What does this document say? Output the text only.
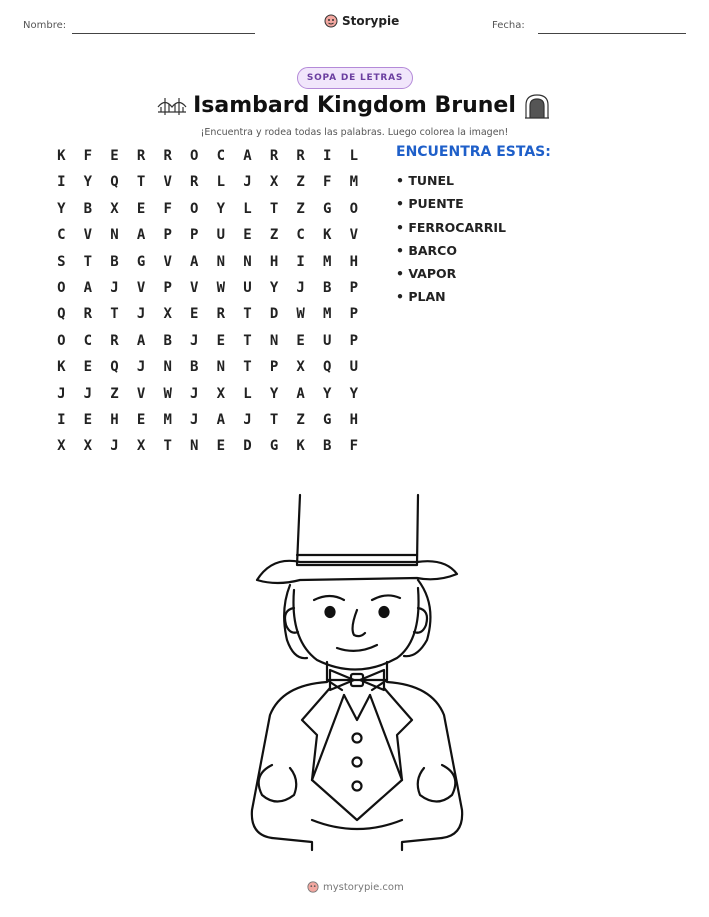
Nombre:	Storypie	Fecha:
SOPA DE LETRAS
Isambard Kingdom Brunel
¡Encuentra y rodea todas las palabras. Luego colorea la imagen!
K	F	E	R	R	O	C	A	R	R	I	L
I	Y	Q	T	V	R	L	J	X	Z	F	M
Y	B	X	E	F	O	Y	L	T	Z	G	O
C	V	N	A	P	P	U	E	Z	C	K	V
S	T	B	G	V	A	N	N	H	I	M	H
O	A	J	V	P	V	W	U	Y	J	B	P
Q	R	T	J	X	E	R	T	D	W	M	P
O	C	R	A	B	J	E	T	N	E	U	P
K	E	Q	J	N	B	N	T	P	X	Q	U
J	J	Z	V	W	J	X	L	Y	A	Y	Y
I	E	H	E	M	J	A	J	T	Z	G	H
X	X	J	X	T	N	E	D	G	K	B	F
ENCUENTRA ESTAS:
• TUNEL
• PUENTE
• FERROCARRIL
• BARCO
• VAPOR
• PLAN
mystorypie.com
